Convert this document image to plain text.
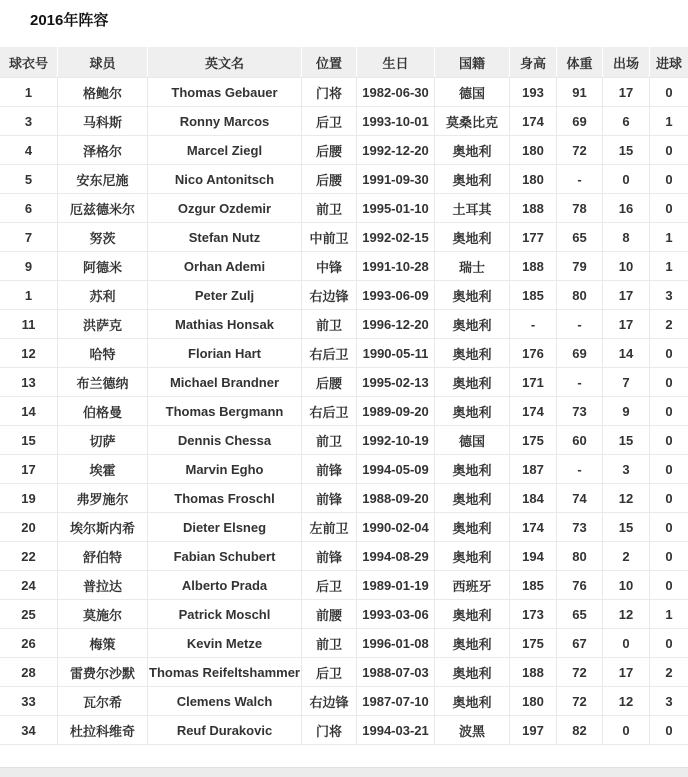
2016年阵容
球衣号	球员	英文名	位置	生日	国籍	身高	体重	出场	进球
1	格鲍尔	Thomas Gebauer	门将	1982-06-30	德国	193	91	17	0
3	马科斯	Ronny Marcos	后卫	1993-10-01	莫桑比克	174	69	6	1
4	泽格尔	Marcel Ziegl	后腰	1992-12-20	奥地利	180	72	15	0
5	安东尼施	Nico Antonitsch	后腰	1991-09-30	奥地利	180	-	0	0
6	厄兹德米尔	Ozgur Ozdemir	前卫	1995-01-10	土耳其	188	78	16	0
7	努茨	Stefan Nutz	中前卫	1992-02-15	奥地利	177	65	8	1
9	阿德米	Orhan Ademi	中锋	1991-10-28	瑞士	188	79	10	1
1	苏利	Peter Zulj	右边锋	1993-06-09	奥地利	185	80	17	3
11	洪萨克	Mathias Honsak	前卫	1996-12-20	奥地利	-	-	17	2
12	哈特	Florian Hart	右后卫	1990-05-11	奥地利	176	69	14	0
13	布兰德纳	Michael Brandner	后腰	1995-02-13	奥地利	171	-	7	0
14	伯格曼	Thomas Bergmann	右后卫	1989-09-20	奥地利	174	73	9	0
15	切萨	Dennis Chessa	前卫	1992-10-19	德国	175	60	15	0
17	埃霍	Marvin Egho	前锋	1994-05-09	奥地利	187	-	3	0
19	弗罗施尔	Thomas Froschl	前锋	1988-09-20	奥地利	184	74	12	0
20	埃尔斯内希	Dieter Elsneg	左前卫	1990-02-04	奥地利	174	73	15	0
22	舒伯特	Fabian Schubert	前锋	1994-08-29	奥地利	194	80	2	0
24	普拉达	Alberto Prada	后卫	1989-01-19	西班牙	185	76	10	0
25	莫施尔	Patrick Moschl	前腰	1993-03-06	奥地利	173	65	12	1
26	梅策	Kevin Metze	前卫	1996-01-08	奥地利	175	67	0	0
28	雷费尔沙默	Thomas Reifeltshammer	后卫	1988-07-03	奥地利	188	72	17	2
33	瓦尔希	Clemens Walch	右边锋	1987-07-10	奥地利	180	72	12	3
34	杜拉科维奇	Reuf Durakovic	门将	1994-03-21	波黑	197	82	0	0
